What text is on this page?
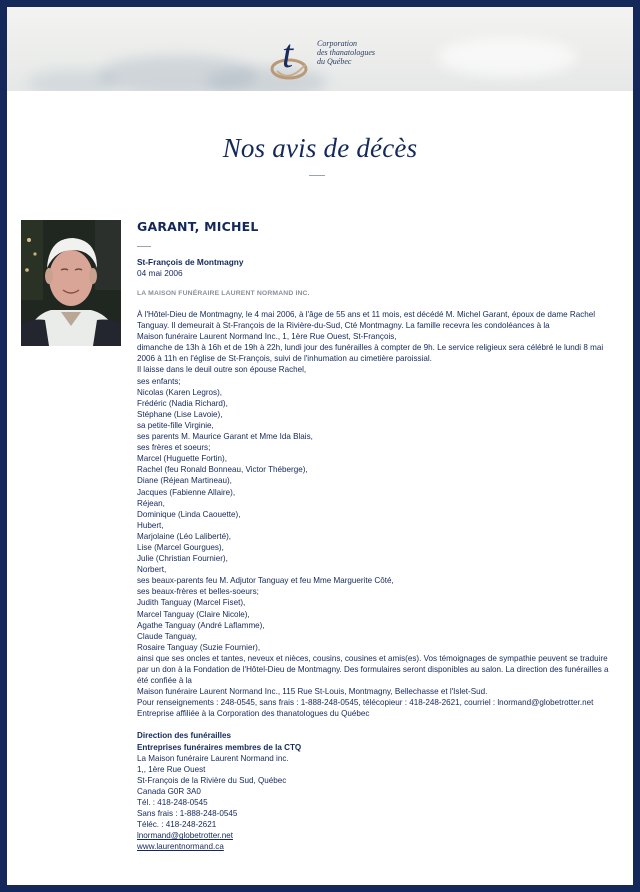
t	Corporation
des thanatologues
du Québec
Nos avis de décès
GARANT, MICHEL
St-François de Montmagny
04 mai 2006
LA MAISON FUNÉRAIRE LAURENT NORMAND INC.
À l'Hôtel-Dieu de Montmagny, le 4 mai 2006, à l'âge de 55 ans et 11 mois, est décédé M. Michel Garant, époux de dame Rachel Tanguay. Il demeurait à St-François de la Rivière-du-Sud, Cté Montmagny. La famille recevra les condoléances à la
Maison funéraire Laurent Normand Inc., 1, 1ère Rue Ouest, St-François,
dimanche de 13h à 16h et de 19h à 22h, lundi jour des funérailles à compter de 9h. Le service religieux sera célébré le lundi 8 mai 2006 à 11h en l'église de St-François, suivi de l'inhumation au cimetière paroissial.
Il laisse dans le deuil outre son épouse Rachel,
ses enfants;
Nicolas (Karen Legros),
Frédéric (Nadia Richard),
Stéphane (Lise Lavoie),
sa petite-fille Virginie,
ses parents M. Maurice Garant et Mme Ida Blais,
ses frères et soeurs;
Marcel (Huguette Fortin),
Rachel (feu Ronald Bonneau, Victor Théberge),
Diane (Réjean Martineau),
Jacques (Fabienne Allaire),
Réjean,
Dominique (Linda Caouette),
Hubert,
Marjolaine (Léo Laliberté),
Lise (Marcel Gourgues),
Julie (Christian Fournier),
Norbert,
ses beaux-parents feu M. Adjutor Tanguay et feu Mme Marguerite Côté,
ses beaux-frères et belles-soeurs;
Judith Tanguay (Marcel Fiset),
Marcel Tanguay (Claire Nicole),
Agathe Tanguay (André Laflamme),
Claude Tanguay,
Rosaire Tanguay (Suzie Fournier),
ainsi que ses oncles et tantes, neveux et nièces, cousins, cousines et amis(es). Vos témoignages de sympathie peuvent se traduire par un don à la Fondation de l'Hôtel-Dieu de Montmagny. Des formulaires seront disponibles au salon. La direction des funérailles a été confiée à la
Maison funéraire Laurent Normand Inc., 115 Rue St-Louis, Montmagny, Bellechasse et l'Islet-Sud.
Pour renseignements : 248-0545, sans frais : 1-888-248-0545, télécopieur : 418-248-2621, courriel : lnormand@globetrotter.net
Entreprise affiliée à la Corporation des thanatologues du Québec
Direction des funérailles
Entreprises funéraires membres de la CTQ
La Maison funéraire Laurent Normand inc.
1,, 1ère Rue Ouest
St-François de la Rivière du Sud, Québec
Canada G0R 3A0
Tél. : 418-248-0545
Sans frais : 1-888-248-0545
Téléc. : 418-248-2621
lnormand@globetrotter.net
www.laurentnormand.ca
